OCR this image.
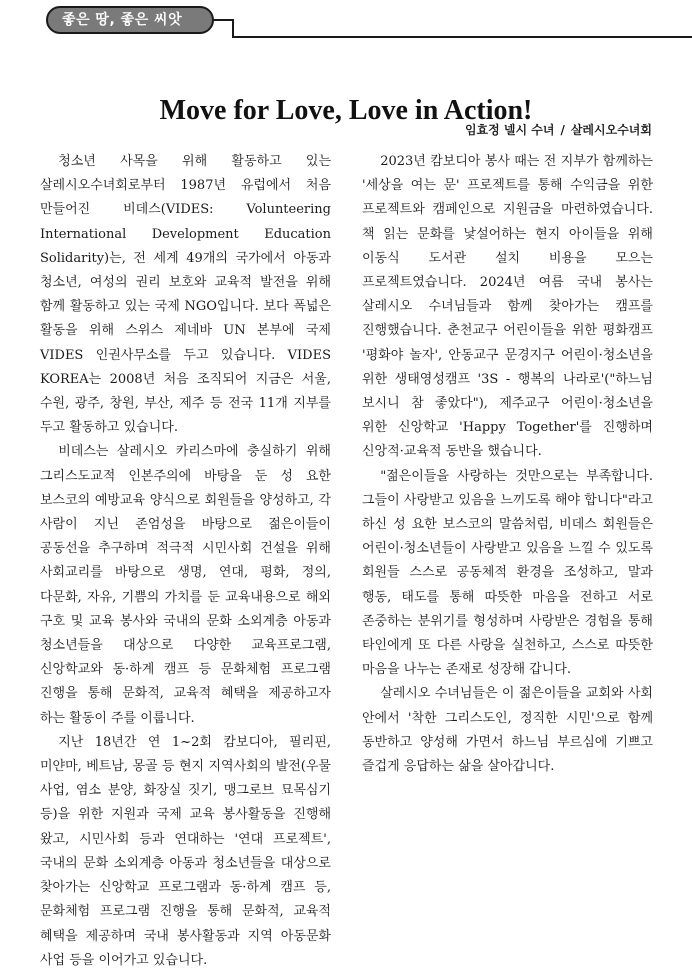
좋은 땅, 좋은 씨앗
Move for Love, Love in Action!
임효정 넬시 수녀 / 살레시오수녀회

청소년 사목을 위해 활동하고 있는 살레시오수녀회로부터 1987년 유럽에서 처음 만들어진 비데스(VIDES: Volunteering International Development Education Solidarity)는, 전 세계 49개의 국가에서 아동과 청소년, 여성의 권리 보호와 교육적 발전을 위해 함께 활동하고 있는 국제 NGO입니다. 보다 폭넓은 활동을 위해 스위스 제네바 UN 본부에 국제 VIDES 인권사무소를 두고 있습니다. VIDES KOREA는 2008년 처음 조직되어 지금은 서울, 수원, 광주, 창원, 부산, 제주 등 전국 11개 지부를 두고 활동하고 있습니다.

비데스는 살레시오 카리스마에 충실하기 위해 그리스도교적 인본주의에 바탕을 둔 성 요한 보스코의 예방교육 양식으로 회원들을 양성하고, 각 사람이 지닌 존엄성을 바탕으로 젊은이들이 공동선을 추구하며 적극적 시민사회 건설을 위해 사회교리를 바탕으로 생명, 연대, 평화, 정의, 다문화, 자유, 기쁨의 가치를 둔 교육내용으로 해외 구호 및 교육 봉사와 국내의 문화 소외계층 아동과 청소년들을 대상으로 다양한 교육프로그램, 신앙학교와 동·하계 캠프 등 문화체험 프로그램 진행을 통해 문화적, 교육적 혜택을 제공하고자 하는 활동이 주를 이룹니다.

지난 18년간 연 1~2회 캄보디아, 필리핀, 미얀마, 베트남, 몽골 등 현지 지역사회의 발전(우물 사업, 염소 분양, 화장실 짓기, 맹그로브 묘목심기 등)을 위한 지원과 국제 교육 봉사활동을 진행해 왔고, 시민사회 등과 연대하는 '연대 프로젝트', 국내의 문화 소외계층 아동과 청소년들을 대상으로 찾아가는 신앙학교 프로그램과 동·하계 캠프 등, 문화체험 프로그램 진행을 통해 문화적, 교육적 혜택을 제공하며 국내 봉사활동과 지역 아동문화 사업 등을 이어가고 있습니다.

2023년 캄보디아 봉사 때는 전 지부가 함께하는 '세상을 여는 문' 프로젝트를 통해 수익금을 위한 프로젝트와 캠페인으로 지원금을 마련하였습니다. 책 읽는 문화를 낯설어하는 현지 아이들을 위해 이동식 도서관 설치 비용을 모으는 프로젝트였습니다. 2024년 여름 국내 봉사는 살레시오 수녀님들과 함께 찾아가는 캠프를 진행했습니다. 춘천교구 어린이들을 위한 평화캠프 '평화야 놀자', 안동교구 문경지구 어린이·청소년을 위한 생태영성캠프 '3S - 행복의 나라로'("하느님 보시니 참 좋았다"), 제주교구 어린이·청소년을 위한 신앙학교 'Happy Together'를 진행하며 신앙적·교육적 동반을 했습니다.

"젊은이들을 사랑하는 것만으로는 부족합니다. 그들이 사랑받고 있음을 느끼도록 해야 합니다"라고 하신 성 요한 보스코의 말씀처럼, 비데스 회원들은 어린이·청소년들이 사랑받고 있음을 느낄 수 있도록 회원들 스스로 공동체적 환경을 조성하고, 말과 행동, 태도를 통해 따뜻한 마음을 전하고 서로 존중하는 분위기를 형성하며 사랑받은 경험을 통해 타인에게 또 다른 사랑을 실천하고, 스스로 따뜻한 마음을 나누는 존재로 성장해 갑니다.

살레시오 수녀님들은 이 젊은이들을 교회와 사회 안에서 '착한 그리스도인, 정직한 시민'으로 함께 동반하고 양성해 가면서 하느님 부르심에 기쁘고 즐겁게 응답하는 삶을 살아갑니다.
